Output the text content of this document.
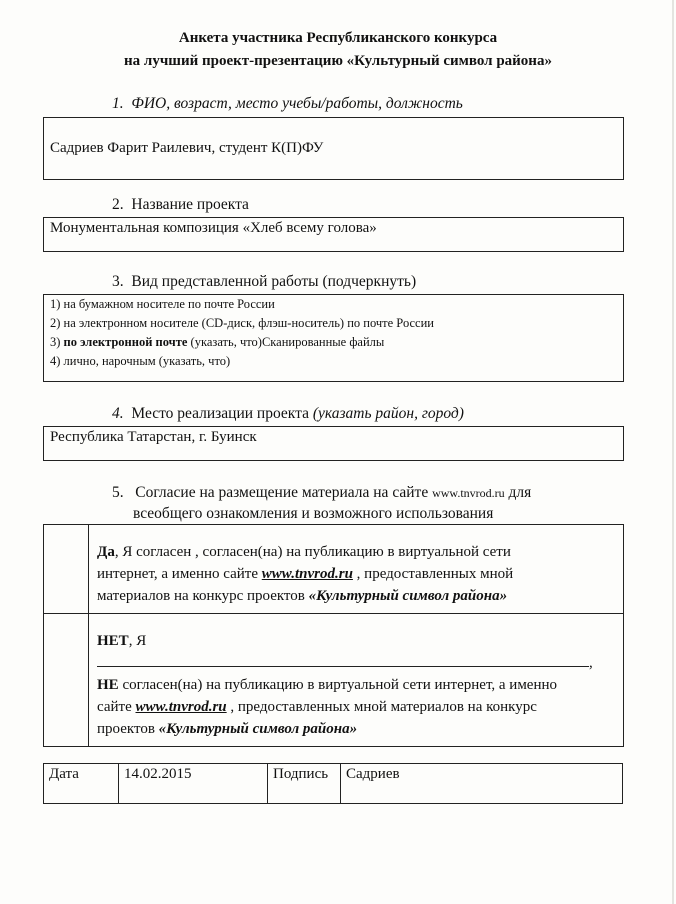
Анкета участника Республиканского конкурса
на лучший проект-презентацию «Культурный символ района»
1. ФИО, возраст, место учебы/работы, должность
Садриев Фарит Раилевич, студент К(П)ФУ
2. Название проекта
Монументальная композиция «Хлеб всему голова»
3. Вид представленной работы (подчеркнуть)
1) на бумажном носителе по почте России
2) на электронном носителе (CD-диск, флэш-носитель) по почте России
3) по электронной почте (указать, что)Сканированные файлы
4) лично, нарочным (указать, что)
4. Место реализации проекта (указать район, город)
Республика Татарстан, г. Буинск
5. Согласие на размещение материала на сайте www.tnvrod.ru для
всеобщего ознакомления и возможного использования
	Да, Я согласен , согласен(на) на публикацию в виртуальной сети
интернет, а именно сайте www.tnvrod.ru , предоставленных мной
материалов на конкурс проектов «Культурный символ района»
	НЕТ, Я
,
НЕ согласен(на) на публикацию в виртуальной сети интернет, а именно
сайте www.tnvrod.ru , предоставленных мной материалов на конкурс
проектов «Культурный символ района»
Дата	14.02.2015	Подпись	Садриев
